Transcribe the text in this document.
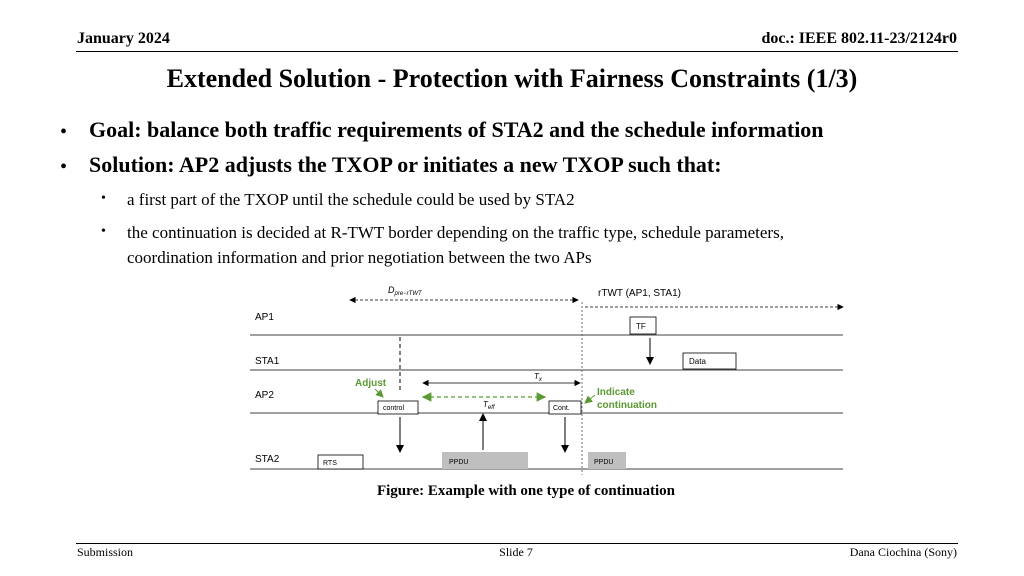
January 2024	doc.: IEEE 802.11-23/2124r0
Extended Solution - Protection with Fairness Constraints (1/3)
• Goal: balance both traffic requirements of STA2 and the schedule information
• Solution: AP2 adjusts the TXOP or initiates a new TXOP such that:
• a first part of the TXOP until the schedule could be used by STA2
• the continuation is decided at R-TWT border depending on the traffic type, schedule parameters,
coordination information and prior negotiation between the two APs
AP1
STA1
AP2
STA2
$D_{pre-rTWT}$	rTWT (AP1, STA1)
TF
Data
Adjust
$T_x$
$T_{eff}$
control	Cont.
Indicate
continuation
RTS	PPDU	PPDU
Figure: Example with one type of continuation
Submission	Slide 7	Dana Ciochina (Sony)
